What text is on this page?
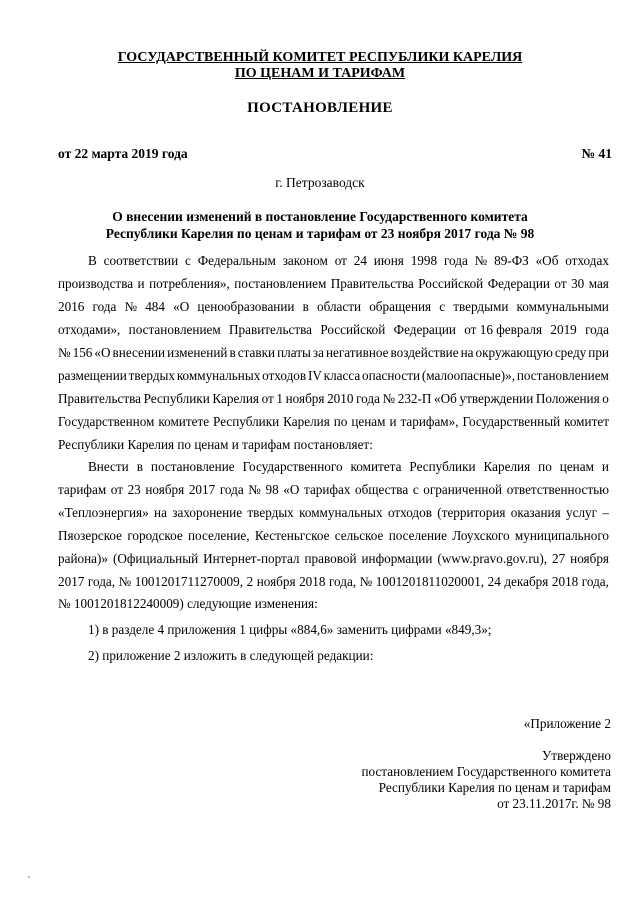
ГОСУДАРСТВЕННЫЙ КОМИТЕТ РЕСПУБЛИКИ КАРЕЛИЯ
ПО ЦЕНАМ И ТАРИФАМ
ПОСТАНОВЛЕНИЕ
от 22 марта 2019 года	№ 41
г. Петрозаводск
О внесении изменений в постановление Государственного комитета
Республики Карелия по ценам и тарифам от 23 ноября 2017 года № 98
В соответствии с Федеральным законом от 24 июня 1998 года № 89-ФЗ «Об отходах
производства и потребления», постановлением Правительства Российской Федерации от 30 мая
2016 года № 484 «О ценообразовании в области обращения с твердыми коммунальными
отходами», постановлением Правительства Российской Федерации от 16 февраля 2019 года
№ 156 «О внесении изменений в ставки платы за негативное воздействие на окружающую среду при
размещении твердых коммунальных отходов IV класса опасности (малоопасные)», постановлением
Правительства Республики Карелия от 1 ноября 2010 года № 232-П «Об утверждении Положения о
Государственном комитете Республики Карелия по ценам и тарифам», Государственный комитет
Республики Карелия по ценам и тарифам постановляет:
Внести в постановление Государственного комитета Республики Карелия по ценам и
тарифам от 23 ноября 2017 года № 98 «О тарифах общества с ограниченной ответственностью
«Теплоэнергия» на захоронение твердых коммунальных отходов (территория оказания услуг –
Пяозерское городское поселение, Кестеньгское сельское поселение Лоухского муниципального
района)» (Официальный Интернет-портал правовой информации (www.pravo.gov.ru), 27 ноября
2017 года, № 1001201711270009, 2 ноября 2018 года, № 1001201811020001, 24 декабря 2018 года,
№ 1001201812240009) следующие изменения:
1) в разделе 4 приложения 1 цифры «884,6» заменить цифрами «849,3»;
2) приложение 2 изложить в следующей редакции:
«Приложение 2
Утверждено
постановлением Государственного комитета
Республики Карелия по ценам и тарифам
от 23.11.2017г. № 98
